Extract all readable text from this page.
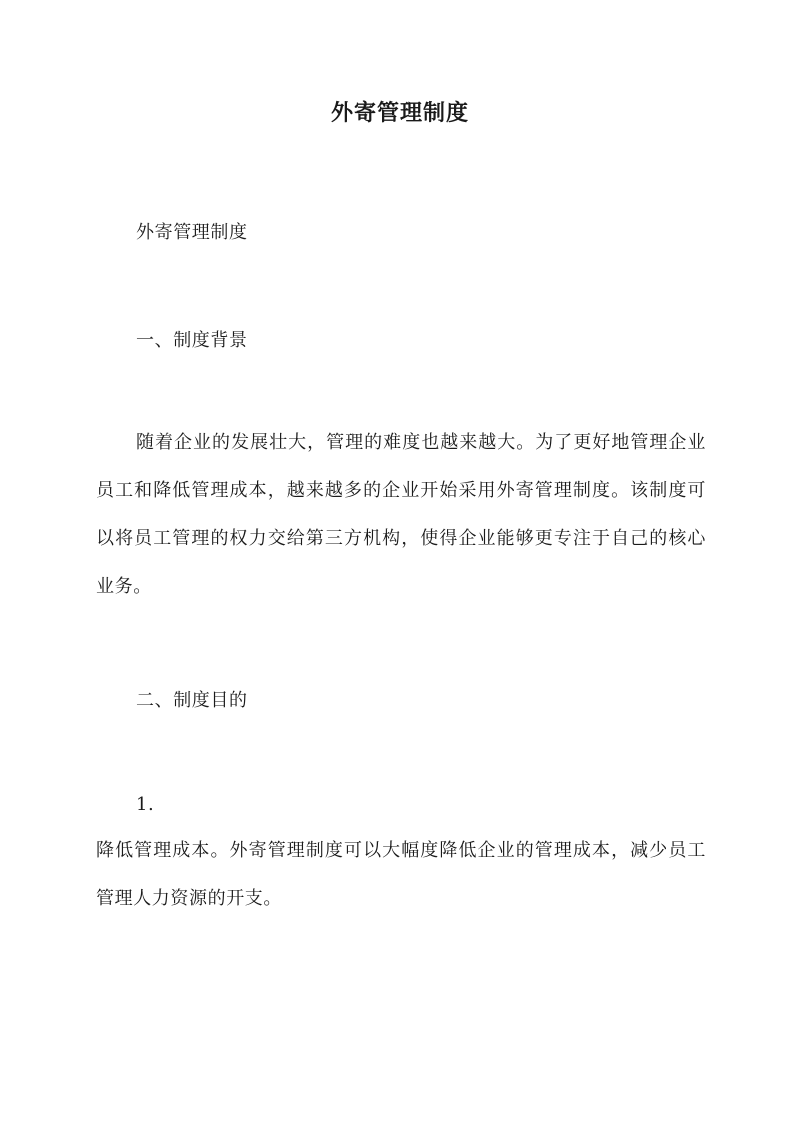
外寄管理制度
外寄管理制度
一、制度背景
随着企业的发展壮大，管理的难度也越来越大。为了更好地管理企业员工和降低管理成本，越来越多的企业开始采用外寄管理制度。该制度可以将员工管理的权力交给第三方机构，使得企业能够更专注于自己的核心业务。
二、制度目的
1.
降低管理成本。外寄管理制度可以大幅度降低企业的管理成本，减少员工管理人力资源的开支。
